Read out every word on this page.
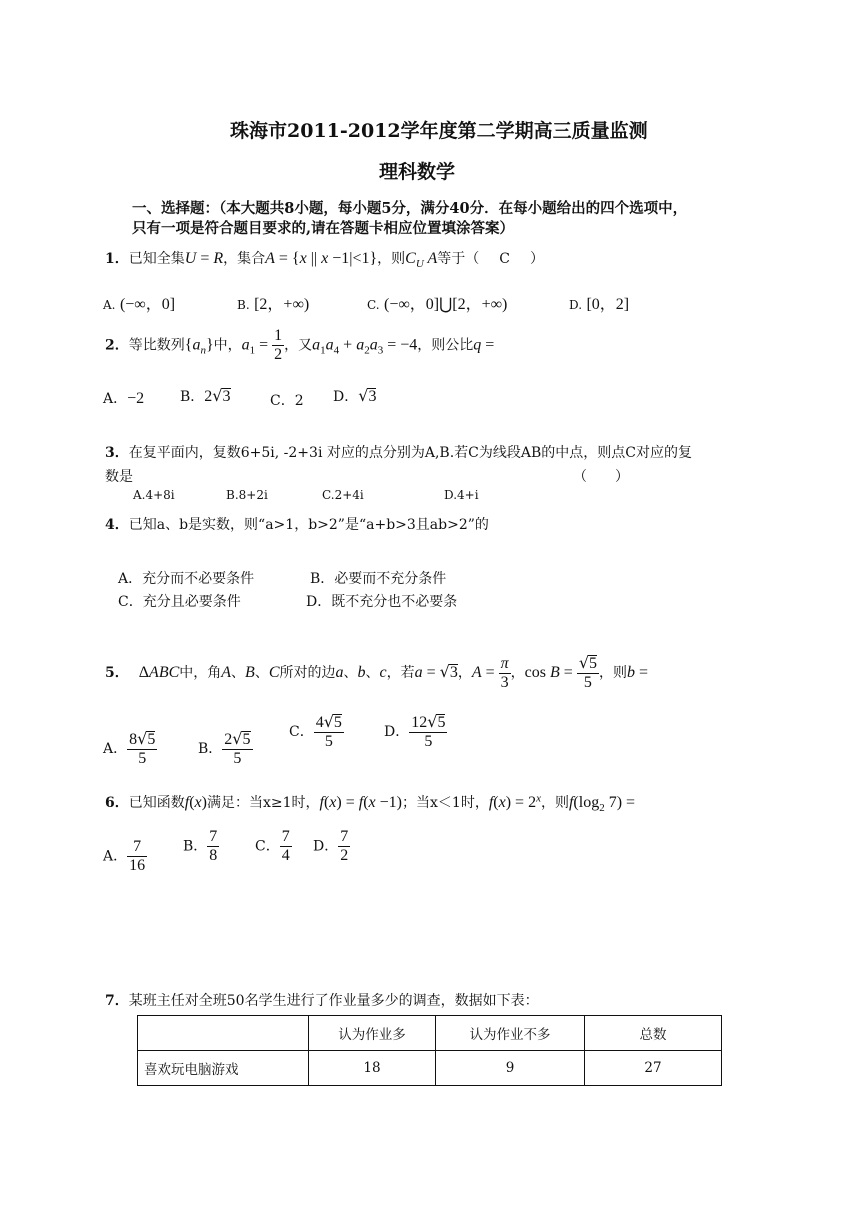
珠海市2011-2012学年度第二学期高三质量监测
理科数学
一、选择题：（本大题共8小题，每小题5分，满分40分．在每小题给出的四个选项中，
只有一项是符合题目要求的,请在答题卡相应位置填涂答案）
1．已知全集U = R，集合A = {x || x −1|<1}，则$C_U$ A等于（ C ）
A. (−∞，0]	B. [2，+∞)	C. (−∞，0]⋃[2，+∞)	D. [0，2]
2．等比数列$\{a_n\}$中，$a_1 = \frac{1}{2}$ ，又$a_1a_4 + a_2a_3 = -4$，则公比q =
A．−2	B．2√3	C．2 D．√3
3．在复平面内，复数6+5i, -2+3i 对应的点分别为A,B.若C为线段AB的中点，则点C对应的复
数是	（　　）
A.4+8i	B.8+2i	C.2+4i	D.4+i
4．已知a、b是实数，则“a>1，b>2”是“a+b>3且ab>2”的
A．充分而不必要条件	B．必要而不充分条件
C．充分且必要条件	D．既不充分也不必要条
5． ΔABC中，角A、B、C所对的边a、b、c，若a = √3，$A = \frac{\pi}{3}$ ，$\cos B = \frac{√5}{5}$ ，则b =
A． $\frac{8√5}{5}$	B． $\frac{2√5}{5}$	C． $\frac{4√5}{5}$	D． $\frac{12√5}{5}$
6．已知函数f(x)满足：当x≥1时，f(x) = f(x −1)；当x＜1时，$f(x) = 2^x$，则$f(\log_2$ 7) =
A． $\frac{7}{16}$	B． $\frac{7}{8}$	C． $\frac{7}{4}$ D． $\frac{7}{2}$
7．某班主任对全班50名学生进行了作业量多少的调查，数据如下表：
	认为作业多	认为作业不多	总数
喜欢玩电脑游戏	18	9	27
